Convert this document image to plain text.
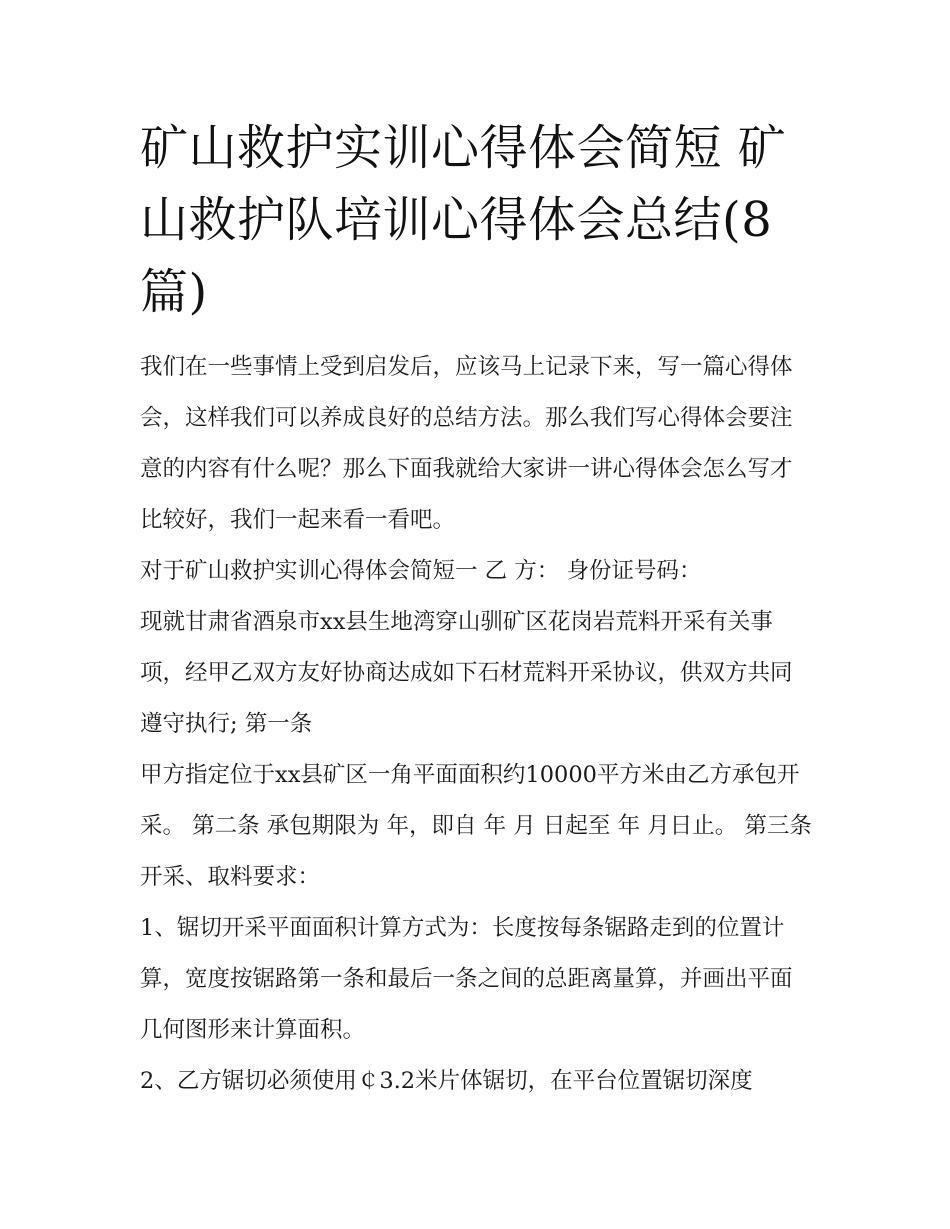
矿山救护实训心得体会简短 矿山救护队培训心得体会总结(8篇)

我们在一些事情上受到启发后，应该马上记录下来，写一篇心得体会，这样我们可以养成良好的总结方法。那么我们写心得体会要注意的内容有什么呢？那么下面我就给大家讲一讲心得体会怎么写才比较好，我们一起来看一看吧。

对于矿山救护实训心得体会简短一 乙 方： 身份证号码：

现就甘肃省酒泉市xx县生地湾穿山驯矿区花岗岩荒料开采有关事项，经甲乙双方友好协商达成如下石材荒料开采协议，供双方共同遵守执行; 第一条

甲方指定位于xx县矿区一角平面面积约10000平方米由乙方承包开采。 第二条 承包期限为 年，即自 年 月 日起至 年 月日止。 第三条 开采、取料要求：

1、锯切开采平面面积计算方式为：长度按每条锯路走到的位置计算，宽度按锯路第一条和最后一条之间的总距离量算，并画出平面几何图形来计算面积。

2、乙方锯切必须使用￠3.2米片体锯切，在平台位置锯切深度
